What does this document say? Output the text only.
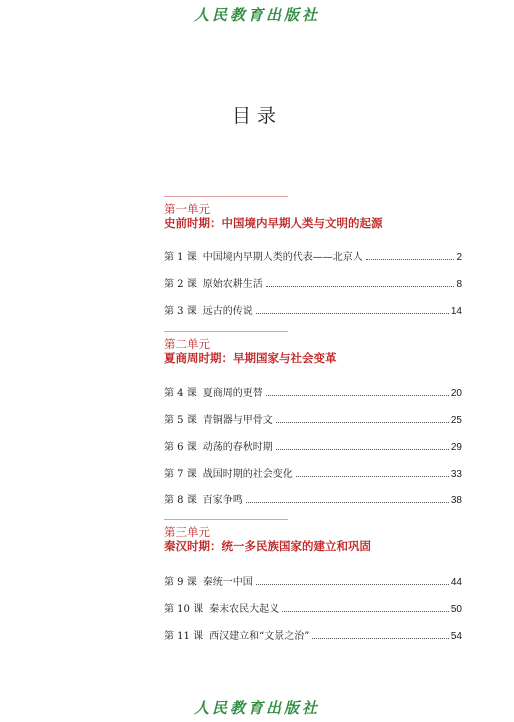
人民教育出版社
目录
第一单元
史前时期：中国境内早期人类与文明的起源
第 1 课 中国境内早期人类的代表——北京人	2
第 2 课 原始农耕生活	8
第 3 课 远古的传说	14
第二单元
夏商周时期：早期国家与社会变革
第 4 课 夏商周的更替	20
第 5 课 青铜器与甲骨文	25
第 6 课 动荡的春秋时期	29
第 7 课 战国时期的社会变化	33
第 8 课 百家争鸣	38
第三单元
秦汉时期：统一多民族国家的建立和巩固
第 9 课 秦统一中国	44
第 10 课 秦末农民大起义	50
第 11 课 西汉建立和“文景之治”	54
人民教育出版社
